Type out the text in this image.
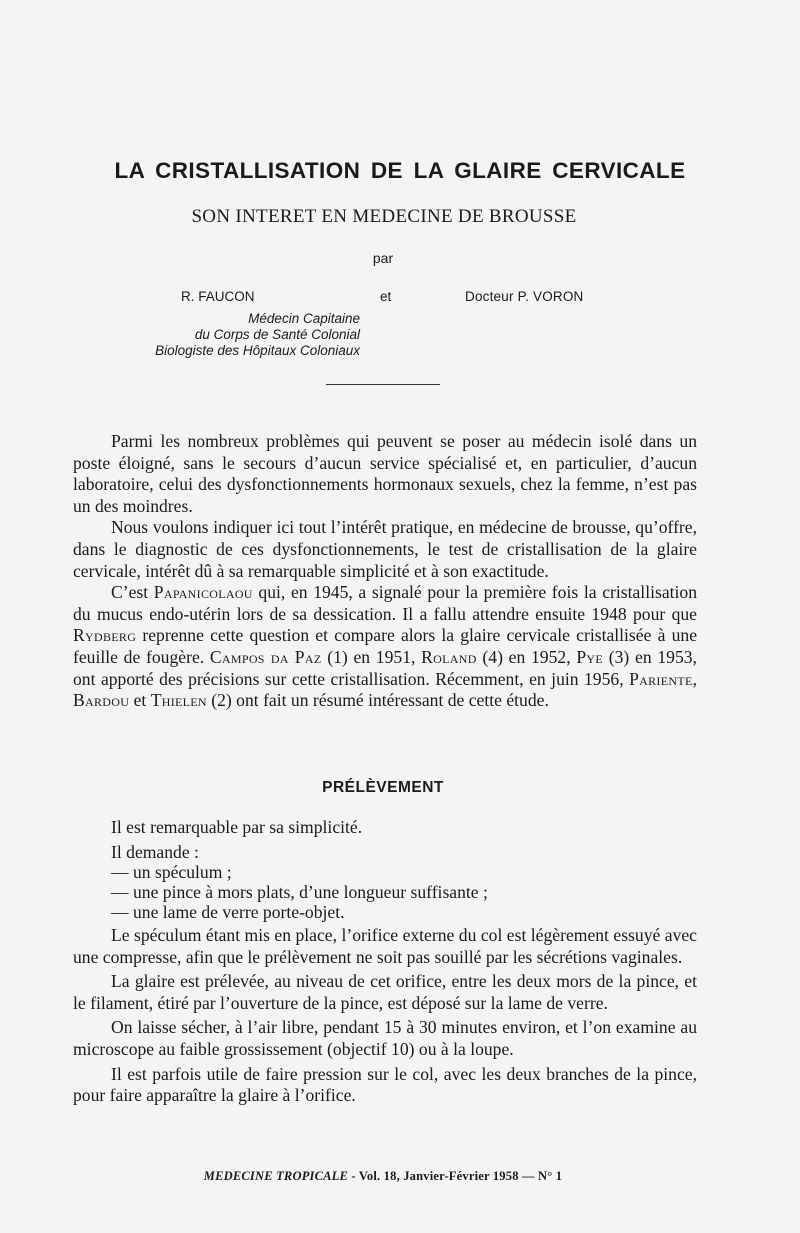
LA CRISTALLISATION DE LA GLAIRE CERVICALE
SON INTERET EN MEDECINE DE BROUSSE
par
R. FAUCON	et	Docteur P. VORON
Médecin Capitaine
du Corps de Santé Colonial
Biologiste des Hôpitaux Coloniaux

Parmi les nombreux problèmes qui peuvent se poser au médecin isolé dans un poste éloigné, sans le secours d’aucun service spécialisé et, en particulier, d’aucun laboratoire, celui des dysfonctionnements hormonaux sexuels, chez la femme, n’est pas un des moindres.

Nous voulons indiquer ici tout l’intérêt pratique, en médecine de brousse, qu’offre, dans le diagnostic de ces dysfonctionnements, le test de cristallisation de la glaire cervicale, intérêt dû à sa remarquable simplicité et à son exactitude.

C’est Papanicolaou qui, en 1945, a signalé pour la première fois la cristallisation du mucus endo-utérin lors de sa dessication. Il a fallu attendre ensuite 1948 pour que Rydberg reprenne cette question et compare alors la glaire cervicale cristallisée à une feuille de fougère. Campos da Paz (1) en 1951, Roland (4) en 1952, Pye (3) en 1953, ont apporté des précisions sur cette cristallisation. Récemment, en juin 1956, Pariente, Bardou et Thielen (2) ont fait un résumé intéressant de cette étude.

PRÉLÈVEMENT
Il est remarquable par sa simplicité.
Il demande :
— un spéculum ;
— une pince à mors plats, d’une longueur suffisante ;
— une lame de verre porte-objet.

Le spéculum étant mis en place, l’orifice externe du col est légèrement essuyé avec une compresse, afin que le prélèvement ne soit pas souillé par les sécrétions vaginales.

La glaire est prélevée, au niveau de cet orifice, entre les deux mors de la pince, et le filament, étiré par l’ouverture de la pince, est déposé sur la lame de verre.

On laisse sécher, à l’air libre, pendant 15 à 30 minutes environ, et l’on examine au microscope au faible grossissement (objectif 10) ou à la loupe.

Il est parfois utile de faire pression sur le col, avec les deux branches de la pince, pour faire apparaître la glaire à l’orifice.

MEDECINE TROPICALE - Vol. 18, Janvier-Février 1958 — N° 1
